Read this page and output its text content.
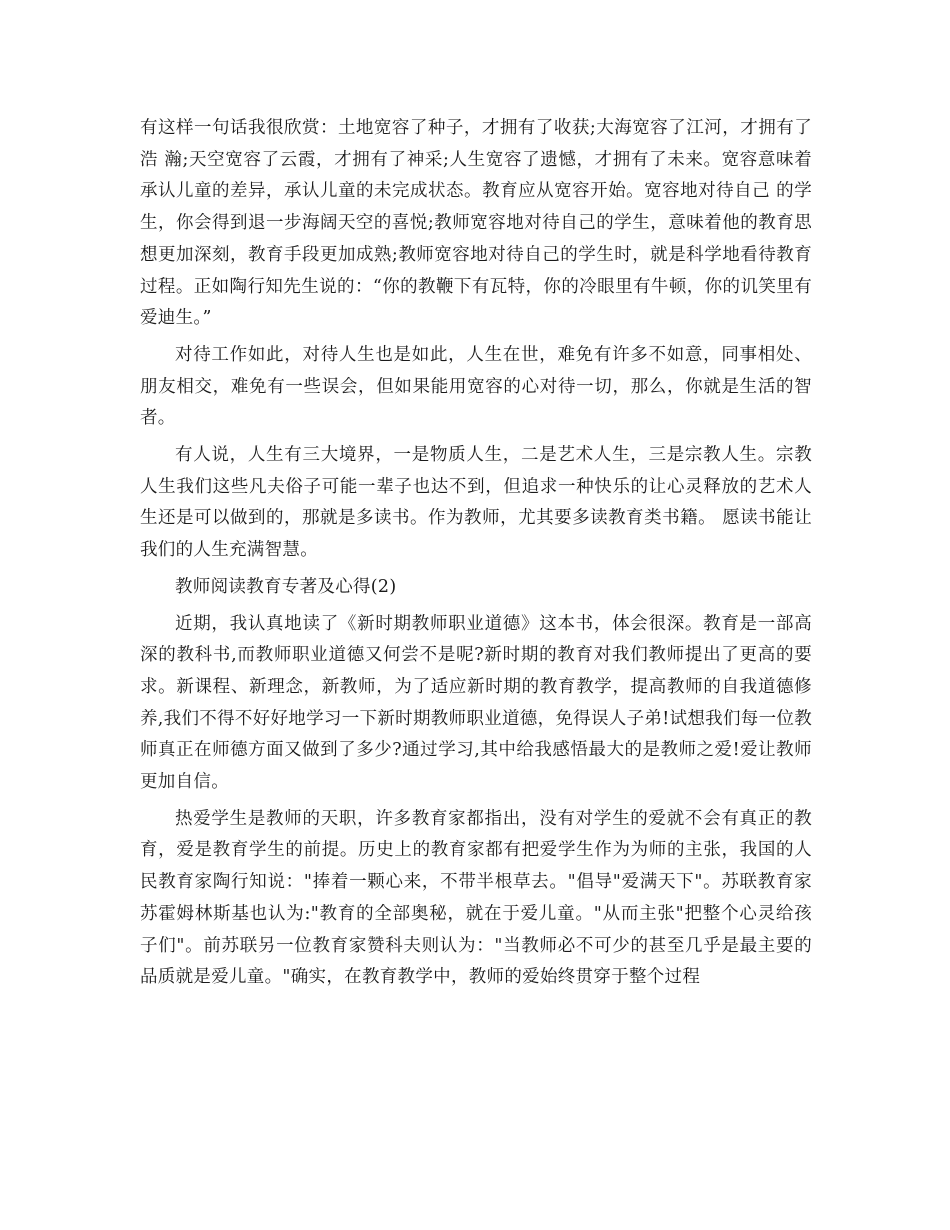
有这样一句话我很欣赏：土地宽容了种子，才拥有了收获;大海宽容了江河，才拥有了浩 瀚;天空宽容了云霞，才拥有了神采;人生宽容了遗憾，才拥有了未来。宽容意味着承认儿童的差异，承认儿童的未完成状态。教育应从宽容开始。宽容地对待自己 的学生，你会得到退一步海阔天空的喜悦;教师宽容地对待自己的学生，意味着他的教育思想更加深刻，教育手段更加成熟;教师宽容地对待自己的学生时，就是科学地看待教育过程。正如陶行知先生说的：“你的教鞭下有瓦特，你的冷眼里有牛顿，你的讥笑里有爱迪生。”

对待工作如此，对待人生也是如此，人生在世，难免有许多不如意，同事相处、朋友相交，难免有一些误会，但如果能用宽容的心对待一切，那么，你就是生活的智者。

有人说，人生有三大境界，一是物质人生，二是艺术人生，三是宗教人生。宗教人生我们这些凡夫俗子可能一辈子也达不到，但追求一种快乐的让心灵释放的艺术人生还是可以做到的，那就是多读书。作为教师，尤其要多读教育类书籍。 愿读书能让我们的人生充满智慧。

教师阅读教育专著及心得(2)

近期，我认真地读了《新时期教师职业道德》这本书，体会很深。教育是一部高深的教科书,而教师职业道德又何尝不是呢?新时期的教育对我们教师提出了更高的要求。新课程、新理念，新教师，为了适应新时期的教育教学，提高教师的自我道德修养,我们不得不好好地学习一下新时期教师职业道德，免得误人子弟!试想我们每一位教师真正在师德方面又做到了多少?通过学习,其中给我感悟最大的是教师之爱!爱让教师更加自信。

热爱学生是教师的天职，许多教育家都指出，没有对学生的爱就不会有真正的教育，爱是教育学生的前提。历史上的教育家都有把爱学生作为为师的主张，我国的人民教育家陶行知说："捧着一颗心来，不带半根草去。"倡导"爱满天下"。苏联教育家苏霍姆林斯基也认为:"教育的全部奥秘，就在于爱儿童。"从而主张"把整个心灵给孩子们"。前苏联另一位教育家赞科夫则认为："当教师必不可少的甚至几乎是最主要的品质就是爱儿童。"确实，在教育教学中，教师的爱始终贯穿于整个过程
